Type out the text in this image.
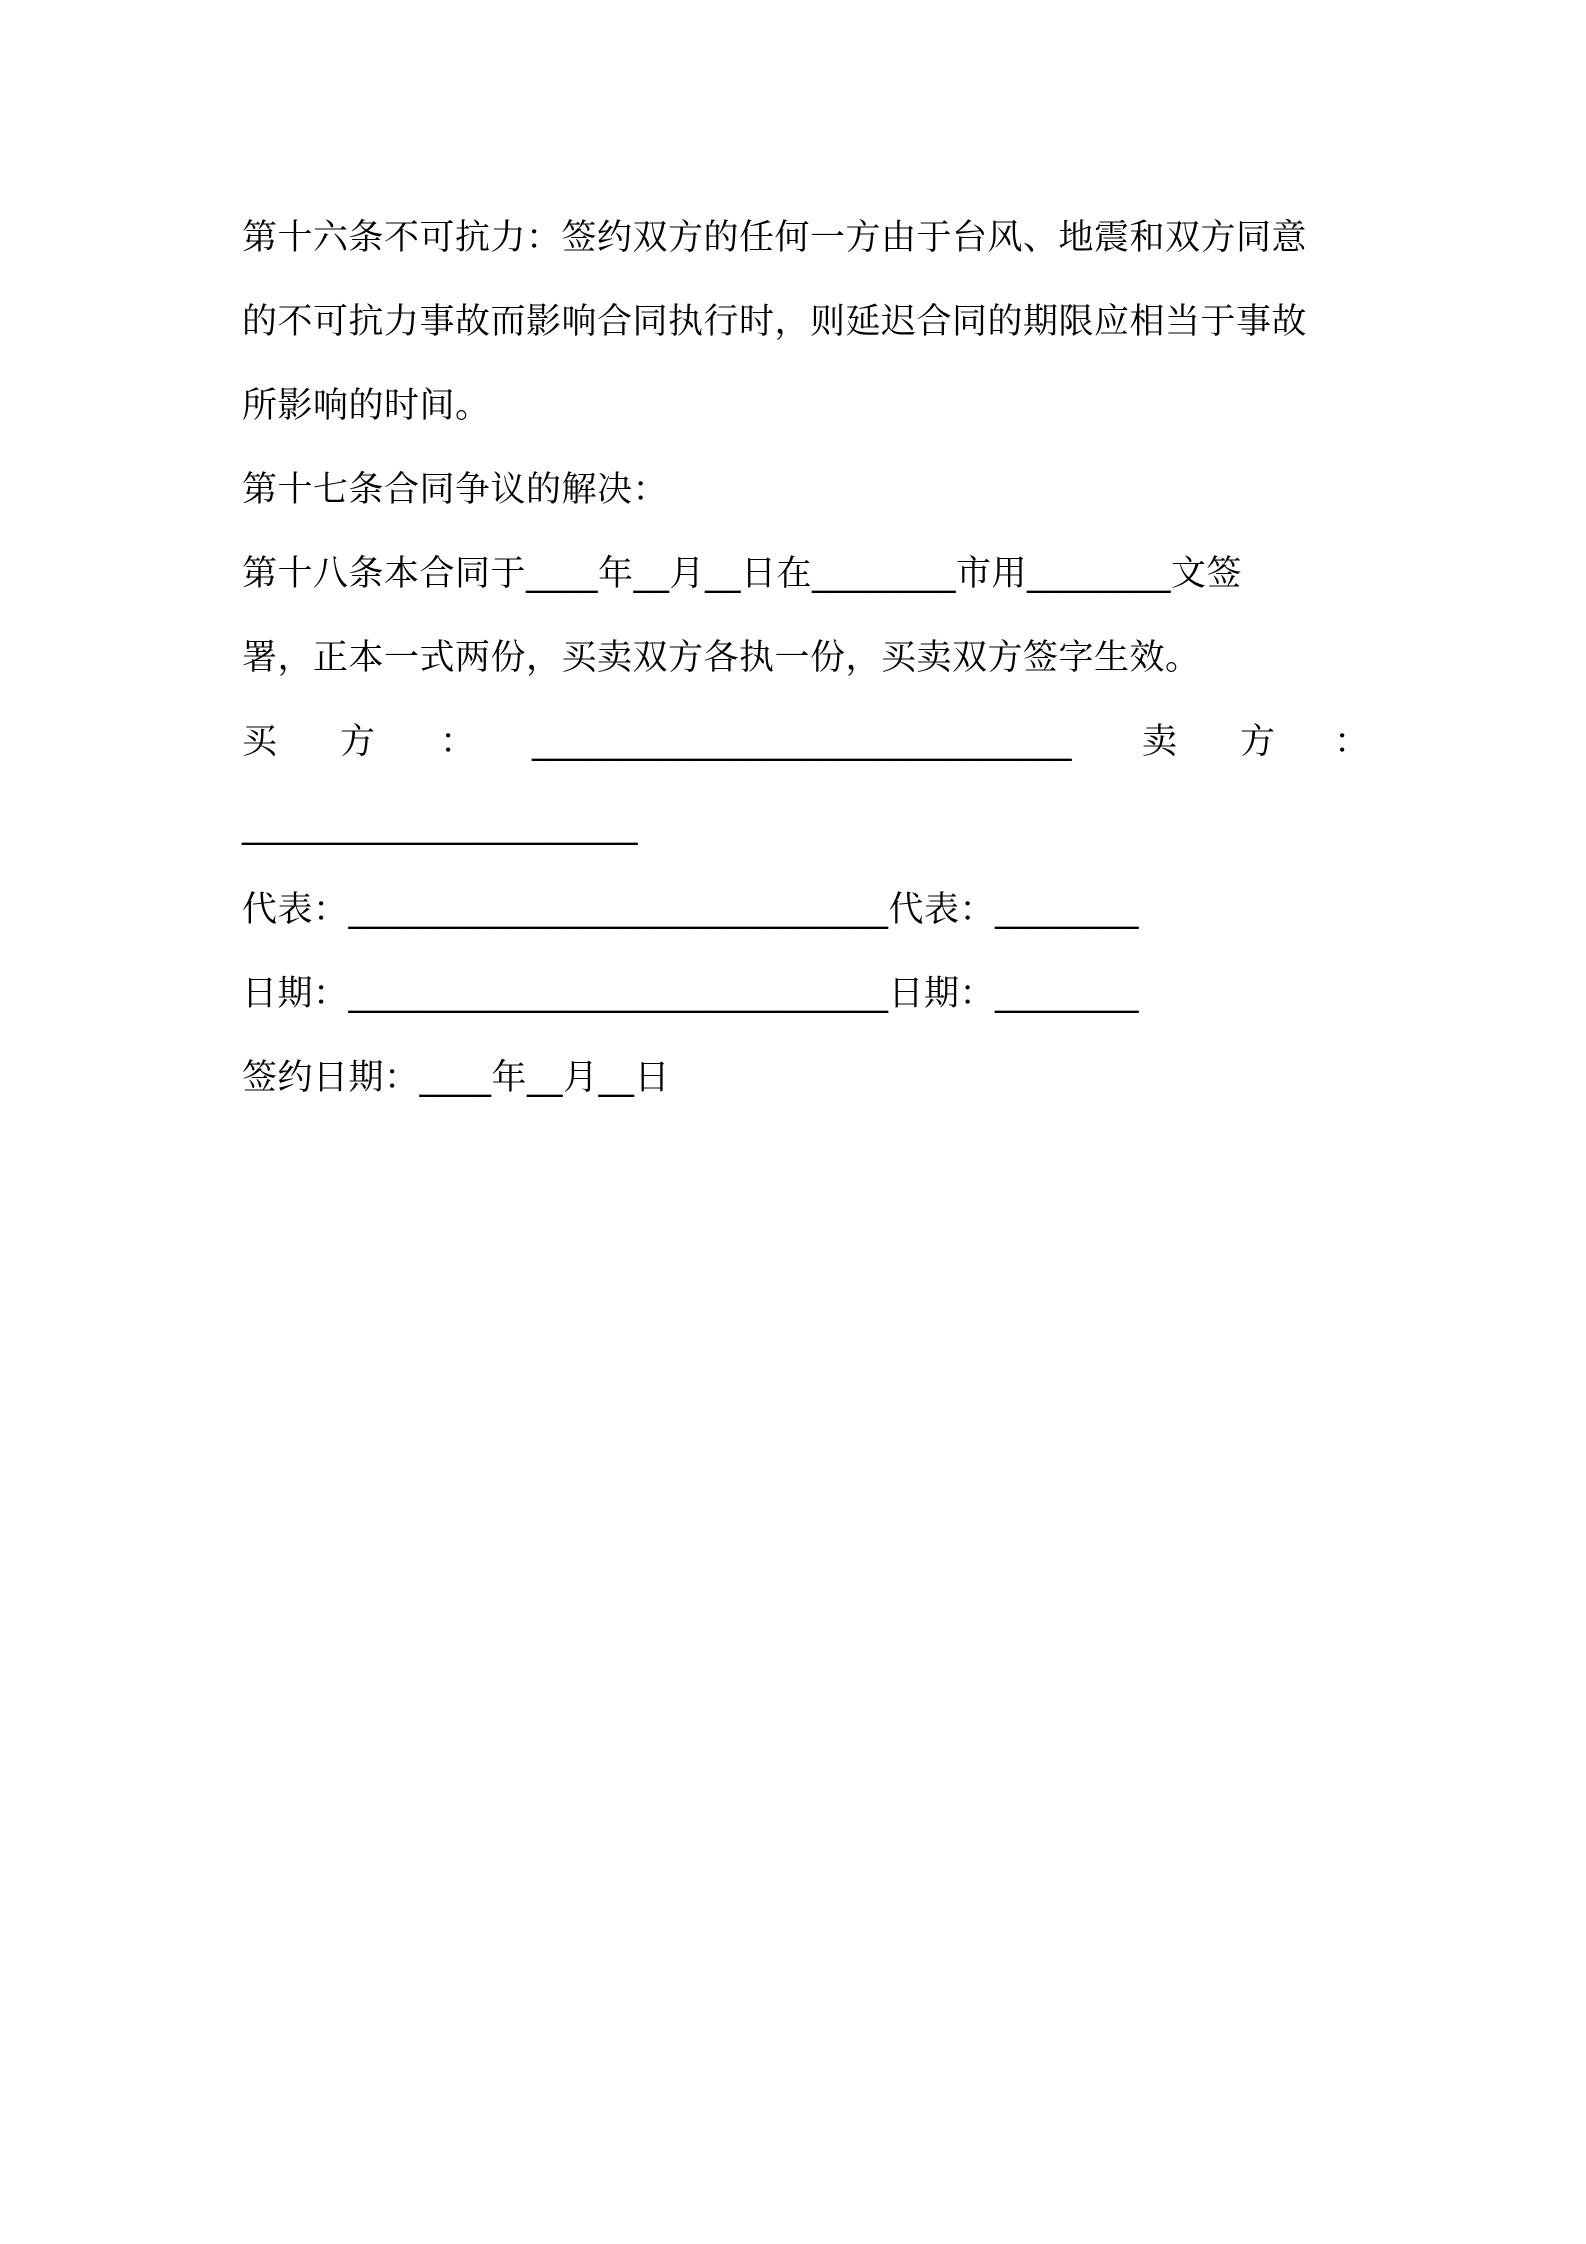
第十六条不可抗力：签约双方的任何一方由于台风、地震和双方同意
的不可抗力事故而影响合同执行时，则延迟合同的期限应相当于事故
所影响的时间。
第十七条合同争议的解决：
第十八条本合同于____年__月__日在________市用________文签
署，正本一式两份，买卖双方各执一份，买卖双方签字生效。
买 方 ： ______________________________ 卖 方 ：
______________________
代表：______________________________代表：________
日期：______________________________日期：________
签约日期：____年__月__日
